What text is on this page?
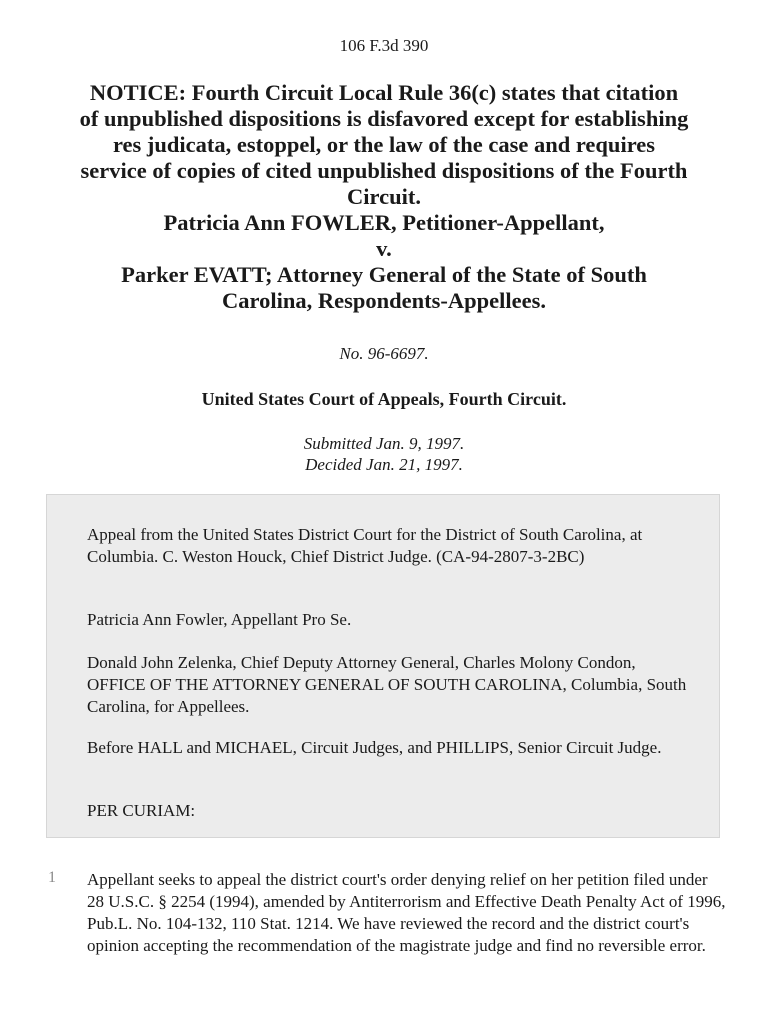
106 F.3d 390
NOTICE: Fourth Circuit Local Rule 36(c) states that citation
of unpublished dispositions is disfavored except for establishing
res judicata, estoppel, or the law of the case and requires
service of copies of cited unpublished dispositions of the Fourth
Circuit.
Patricia Ann FOWLER, Petitioner-Appellant,
v.
Parker EVATT; Attorney General of the State of South
Carolina, Respondents-Appellees.
No. 96-6697.
United States Court of Appeals, Fourth Circuit.
Submitted Jan. 9, 1997.
Decided Jan. 21, 1997.

Appeal from the United States District Court for the District of South Carolina, at Columbia. C. Weston Houck, Chief District Judge. (CA-94-2807-3-2BC)

Patricia Ann Fowler, Appellant Pro Se.

Donald John Zelenka, Chief Deputy Attorney General, Charles Molony Condon, OFFICE OF THE ATTORNEY GENERAL OF SOUTH CAROLINA, Columbia, South Carolina, for Appellees.

Before HALL and MICHAEL, Circuit Judges, and PHILLIPS, Senior Circuit Judge.

PER CURIAM:

1 Appellant seeks to appeal the district court's order denying relief on her petition filed under 28 U.S.C. § 2254 (1994), amended by Antiterrorism and Effective Death Penalty Act of 1996, Pub.L. No. 104-132, 110 Stat. 1214. We have reviewed the record and the district court's opinion accepting the recommendation of the magistrate judge and find no reversible error.
